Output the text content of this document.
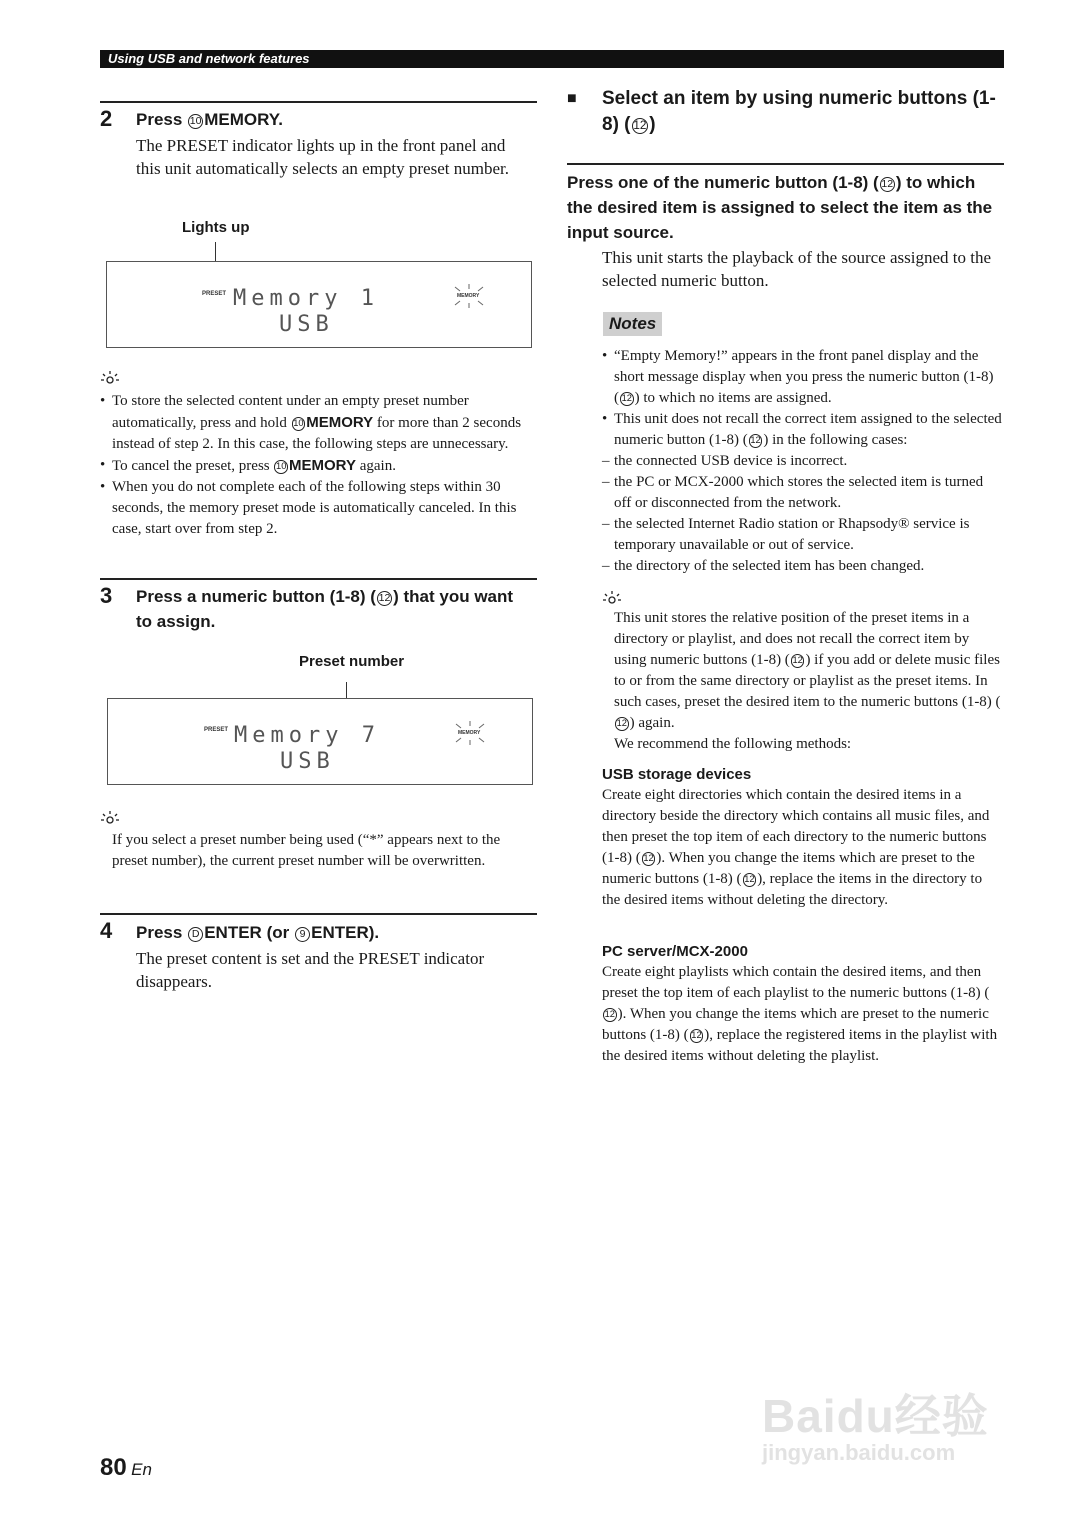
Using USB and network features
2 Press 10 MEMORY.
The PRESET indicator lights up in the front panel and this unit automatically selects an empty preset number.
Lights up
PRESET Memory 1
USB
MEMORY
• To store the selected content under an empty preset number automatically, press and hold 10 MEMORY for more than 2 seconds instead of step 2. In this case, the following steps are unnecessary.
• To cancel the preset, press 10 MEMORY again.
• When you do not complete each of the following steps within 30 seconds, the memory preset mode is automatically canceled. In this case, start over from step 2.
3 Press a numeric button (1-8) ( 12 ) that you want to assign.
Preset number
PRESET Memory 7
USB
MEMORY
If you select a preset number being used (“*” appears next to the preset number), the current preset number will be overwritten.
4 Press D ENTER (or 9 ENTER).
The preset content is set and the PRESET indicator disappears.
■	Select an item by using numeric buttons (1-8) ( 12 )
Press one of the numeric button (1-8) ( 12 ) to which the desired item is assigned to select the item as the input source.
This unit starts the playback of the source assigned to the selected numeric button.
Notes
• “Empty Memory!” appears in the front panel display and the short message display when you press the numeric button (1-8) ( 12 ) to which no items are assigned.
• This unit does not recall the correct item assigned to the selected numeric button (1-8) ( 12 ) in the following cases:
– the connected USB device is incorrect.
– the PC or MCX-2000 which stores the selected item is turned off or disconnected from the network.
– the selected Internet Radio station or Rhapsody® service is temporary unavailable or out of service.
– the directory of the selected item has been changed.
This unit stores the relative position of the preset items in a directory or playlist, and does not recall the correct item by using numeric buttons (1-8) ( 12 ) if you add or delete music files to or from the same directory or playlist as the preset items. In such cases, preset the desired item to the numeric buttons (1-8) (12 ) again.
We recommend the following methods:
USB storage devices
Create eight directories which contain the desired items in a directory beside the directory which contains all music files, and then preset the top item of each directory to the numeric buttons (1-8) ( 12 ). When you change the items which are preset to the numeric buttons (1-8) ( 12 ), replace the items in the directory to the desired items without deleting the directory.
PC server/MCX-2000
Create eight playlists which contain the desired items, and then preset the top item of each playlist to the numeric buttons (1-8) (12 ). When you change the items which are preset to the numeric buttons (1-8) ( 12 ), replace the registered items in the playlist with the desired items without deleting the playlist.
Baidu经验
jingyan.baidu.com
80 En
